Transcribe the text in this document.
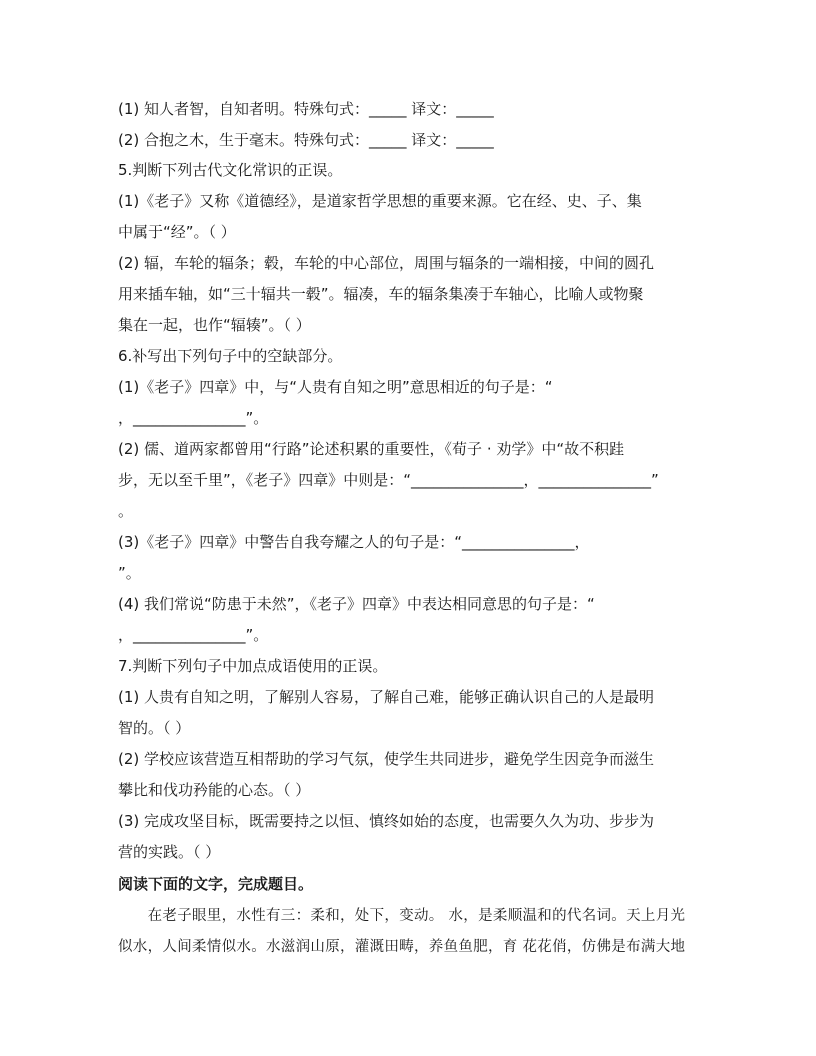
(1) 知人者智，自知者明。特殊句式：_____ 译文：_____
(2) 合抱之木，生于毫末。特殊句式：_____ 译文：_____
5.判断下列古代文化常识的正误。
(1)《老子》又称《道德经》，是道家哲学思想的重要来源。它在经、史、子、集
中属于“经”。（ ）
(2) 辐，车轮的辐条；毂，车轮的中心部位，周围与辐条的一端相接，中间的圆孔
用来插车轴，如“三十辐共一毂”。辐凑，车的辐条集凑于车轴心，比喻人或物聚
集在一起，也作“辐辏”。（ ）
6.补写出下列句子中的空缺部分。
(1)《老子》四章》中，与“人贵有自知之明”意思相近的句子是：“
，_______________”。
(2) 儒、道两家都曾用“行路”论述积累的重要性，《荀子 · 劝学》中“故不积跬
步，无以至千里”，《老子》四章》中则是：“_______________，_______________”
。
(3)《老子》四章》中警告自我夸耀之人的句子是：“_______________，
”。
(4) 我们常说“防患于未然”，《老子》四章》中表达相同意思的句子是：“
，_______________”。
7.判断下列句子中加点成语使用的正误。
(1) 人贵有自知之明，了解别人容易，了解自己难，能够正确认识自己的人是最明
智的。（ ）
(2) 学校应该营造互相帮助的学习气氛，使学生共同进步，避免学生因竞争而滋生
攀比和伐功矜能的心态。（ ）
(3) 完成攻坚目标，既需要持之以恒、慎终如始的态度，也需要久久为功、步步为
营的实践。（ ）
阅读下面的文字，完成题目。
　　在老子眼里，水性有三：柔和，处下，变动。 水，是柔顺温和的代名词。天上月光
似水，人间柔情似水。水滋润山原，灌溉田畴，养鱼鱼肥，育 花花俏，仿佛是布满大地
